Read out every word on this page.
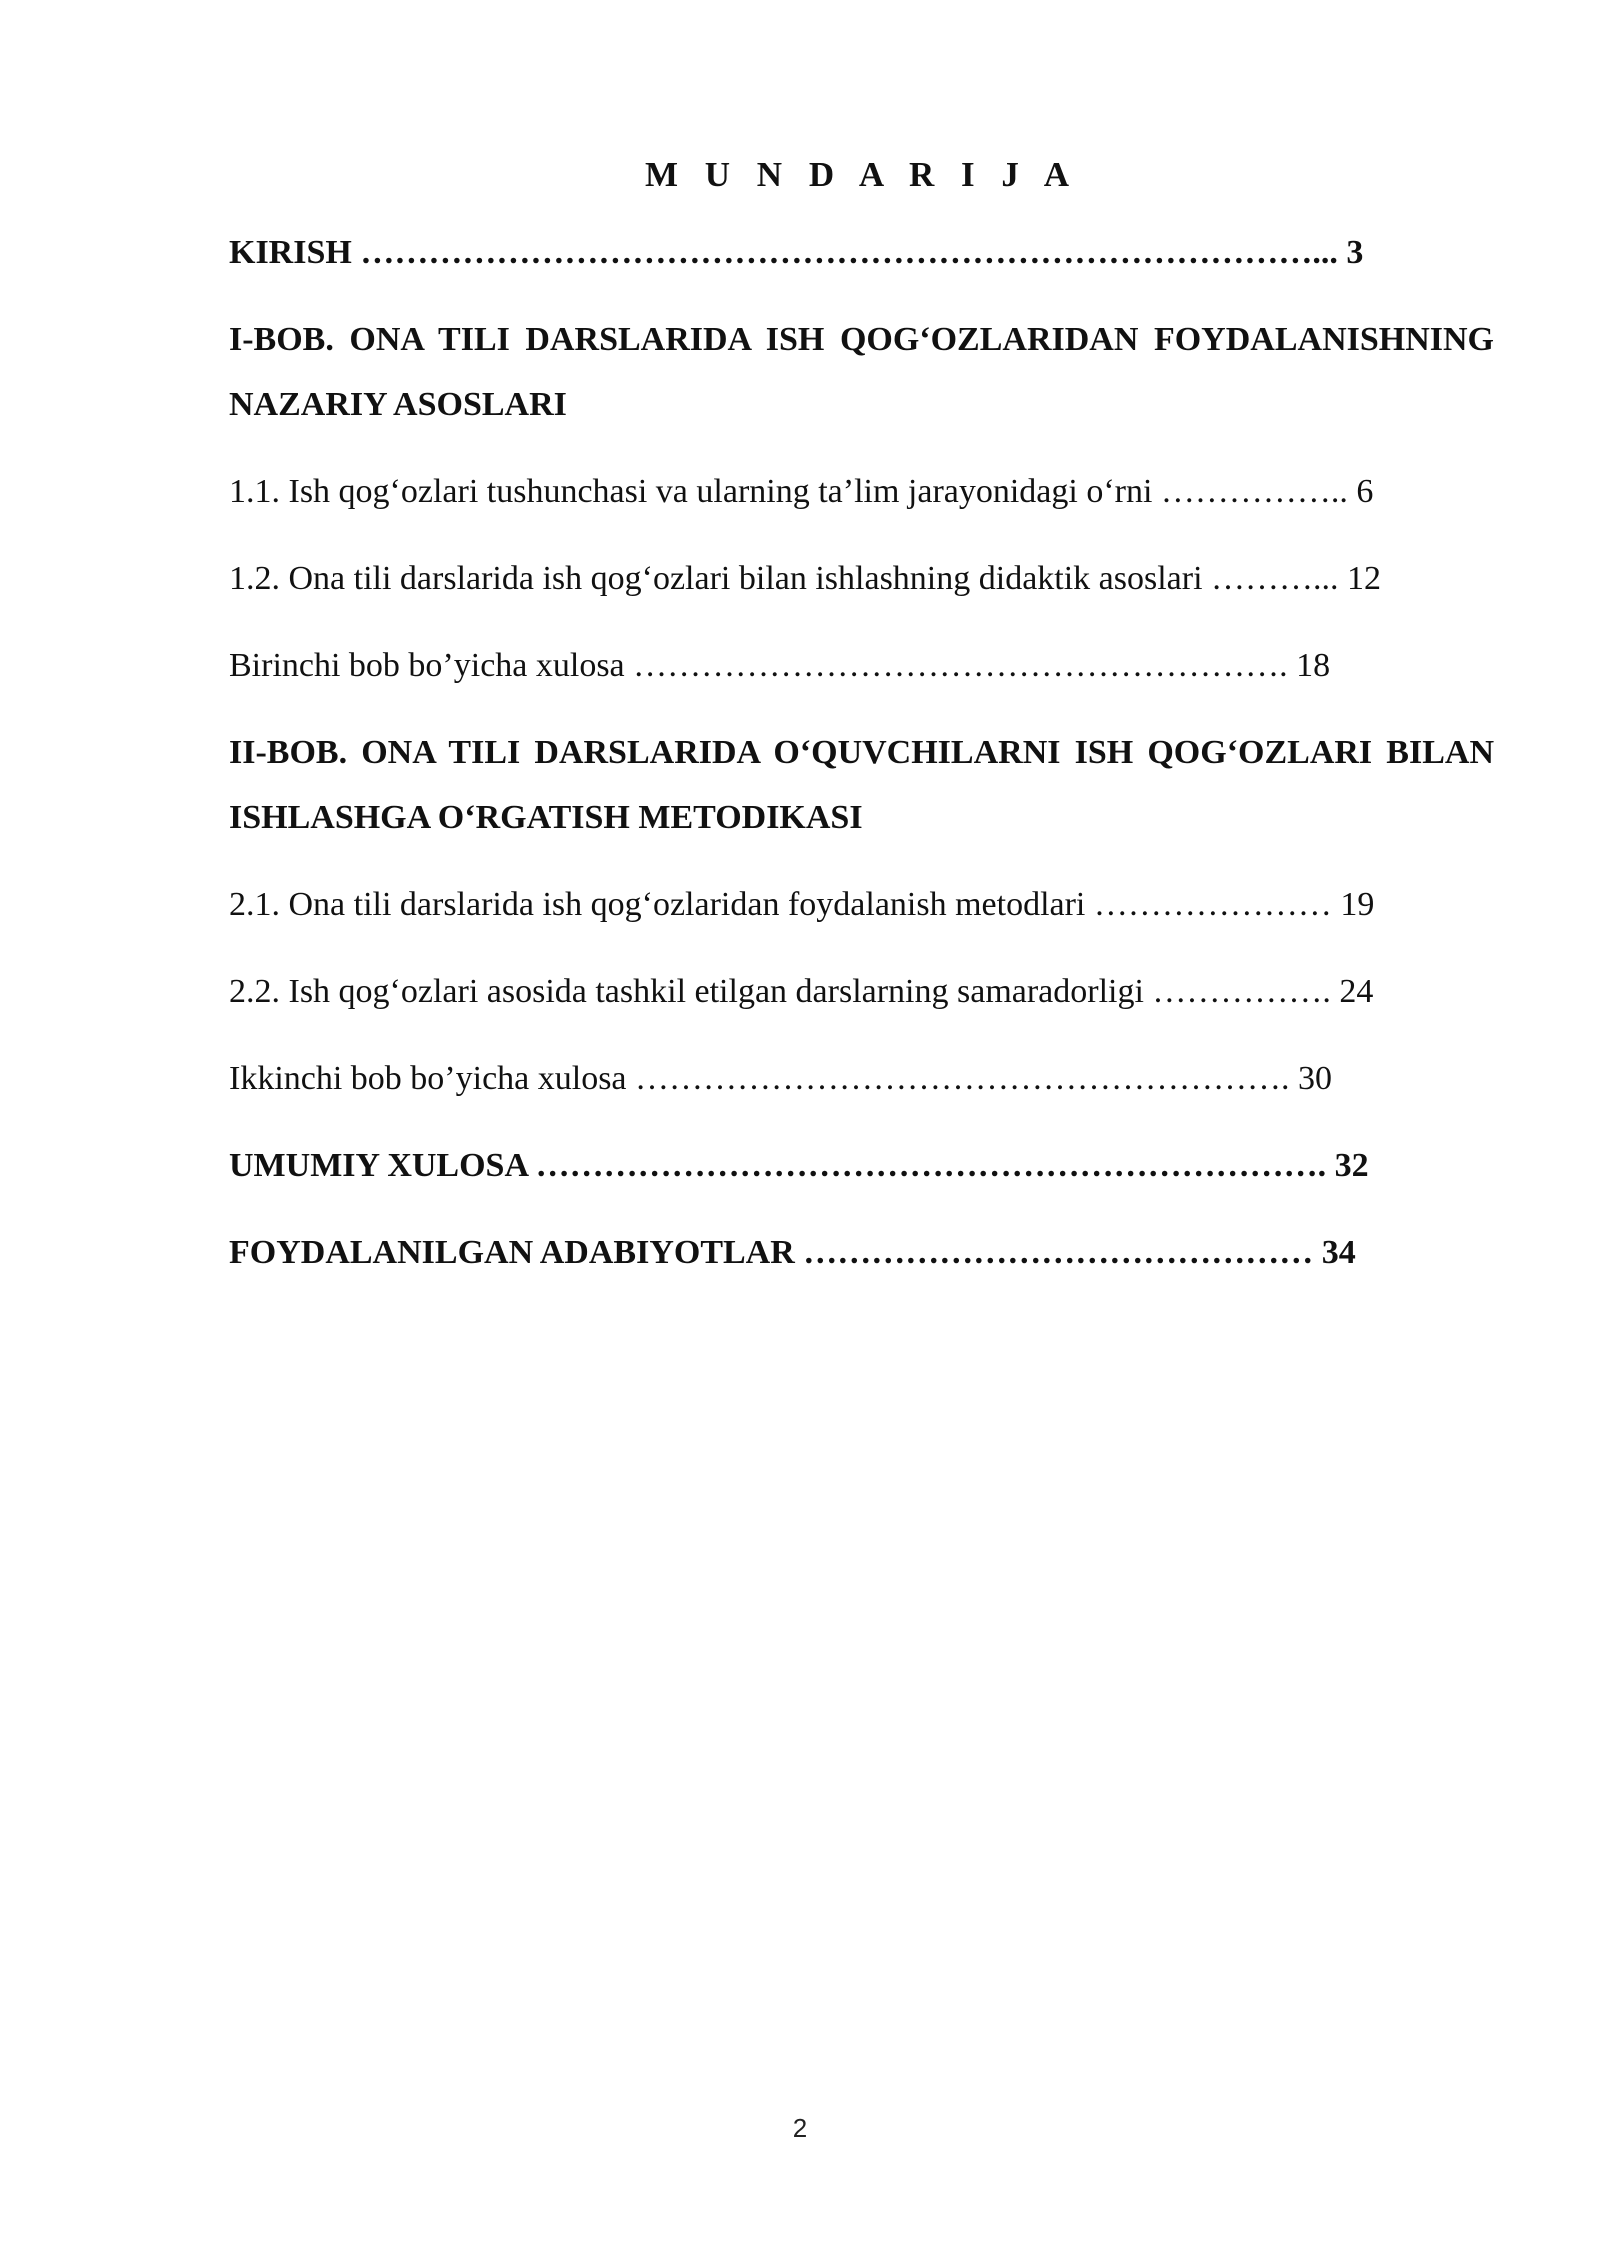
M U N D A R I J A
KIRISH …………………………………………………………………………... 3
I-BOB. ONA TILI DARSLARIDA ISH QOG‘OZLARIDAN FOYDALANISHNING NAZARIY ASOSLARI
1.1. Ish qog‘ozlari tushunchasi va ularning ta’lim jarayonidagi o‘rni …………….. 6
1.2. Ona tili darslarida ish qog‘ozlari bilan ishlashning didaktik asoslari ………... 12
Birinchi bob bo’yicha xulosa …………………………………………………. 18
II-BOB. ONA TILI DARSLARIDA O‘QUVCHILARNI ISH QOG‘OZLARI BILAN ISHLASHGA O‘RGATISH METODIKASI
2.1. Ona tili darslarida ish qog‘ozlaridan foydalanish metodlari ………………… 19
2.2. Ish qog‘ozlari asosida tashkil etilgan darslarning samaradorligi ……………. 24
Ikkinchi bob bo’yicha xulosa …………………………………………………. 30
UMUMIY XULOSA ……………………………………………………………. 32
FOYDALANILGAN ADABIYOTLAR ……………………………………… 34
2
